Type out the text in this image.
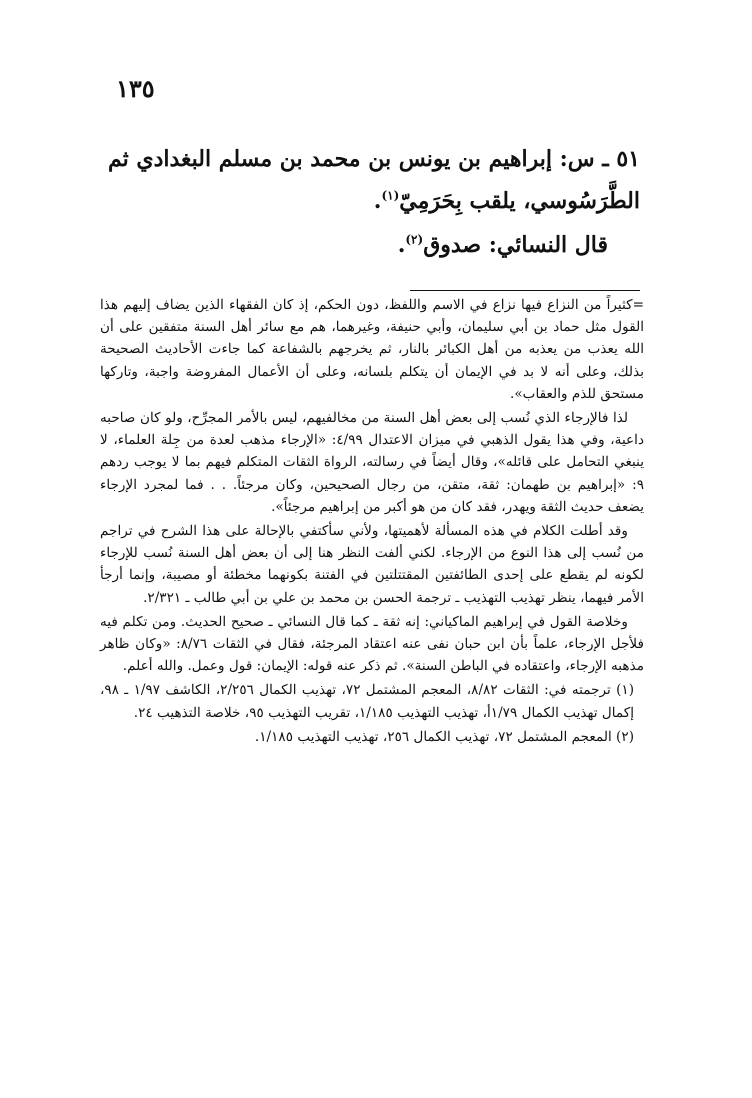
١٣٥

٥١ ـ س: إبراهيم بن يونس بن محمد بن مسلم البغدادي ثم
الطَّرَسُوسي، يلقب بِحَرَمِيّ$^{(١)}$.

قال النسائي: صدوق$^{(٢)}$.

=كثيراً من النزاع فيها نزاع في الاسم واللفظ، دون الحكم، إذ كان الفقهاء الذين يضاف إليهم هذا القول مثل حماد بن أبي سليمان، وأبي حنيفة، وغيرهما، هم مع سائر أهل السنة متفقين على أن الله يعذب من يعذبه من أهل الكبائر بالنار، ثم يخرجهم بالشفاعة كما جاءت الأحاديث الصحيحة بذلك، وعلى أنه لا بد في الإيمان أن يتكلم بلسانه، وعلى أن الأعمال المفروضة واجبة، وتاركها مستحق للذم والعقاب».

لذا فالإرجاء الذي نُسب إلى بعض أهل السنة من مخالفيهم، ليس بالأمر المجرِّح، ولو كان صاحبه داعية، وفي هذا يقول الذهبي في ميزان الاعتدال ٤/٩٩: «الإرجاء مذهب لعدة من جِلة العلماء، لا ينبغي التحامل على قائله»، وقال أيضاً في رسالته، الرواة الثقات المتكلم فيهم بما لا يوجب ردهم ٩: «إبراهيم بن طهمان: ثقة، متقن، من رجال الصحيحين، وكان مرجئاً. . . فما لمجرد الإرجاء يضعف حديث الثقة ويهدر، فقد كان من هو أكبر من إبراهيم مرجئاً».

وقد أطلت الكلام في هذه المسألة لأهميتها، ولأني سأكتفي بالإحالة على هذا الشرح في تراجم من نُسب إلى هذا النوع من الإرجاء. لكني ألفت النظر هنا إلى أن بعض أهل السنة نُسب للإرجاء لكونه لم يقطع على إحدى الطائفتين المقتتلتين في الفتنة بكونهما مخطئة أو مصيبة، وإنما أرجأ الأمر فيهما، ينظر تهذيب التهذيب ـ ترجمة الحسن بن محمد بن علي بن أبي طالب ـ ٢/٣٢١.

وخلاصة القول في إبراهيم الماكياني: إنه ثقة ـ كما قال النسائي ـ صحيح الحديث. ومن تكلم فيه فلأجل الإرجاء، علماً بأن ابن حبان نفى عنه اعتقاد المرجئة، فقال في الثقات ٨/٧٦: «وكان ظاهر مذهبه الإرجاء، واعتقاده في الباطن السنة». ثم ذكر عنه قوله: الإيمان: قول وعمل. والله أعلم.

(١) ترجمته في: الثقات ٨/٨٢، المعجم المشتمل ٧٢، تهذيب الكمال ٢/٢٥٦، الكاشف ١/٩٧ ـ ٩٨، إكمال تهذيب الكمال ١/٧٩أ، تهذيب التهذيب ١/١٨٥، تقريب التهذيب ٩٥، خلاصة التذهيب ٢٤.

(٢) المعجم المشتمل ٧٢، تهذيب الكمال ٢٥٦، تهذيب التهذيب ١/١٨٥.
